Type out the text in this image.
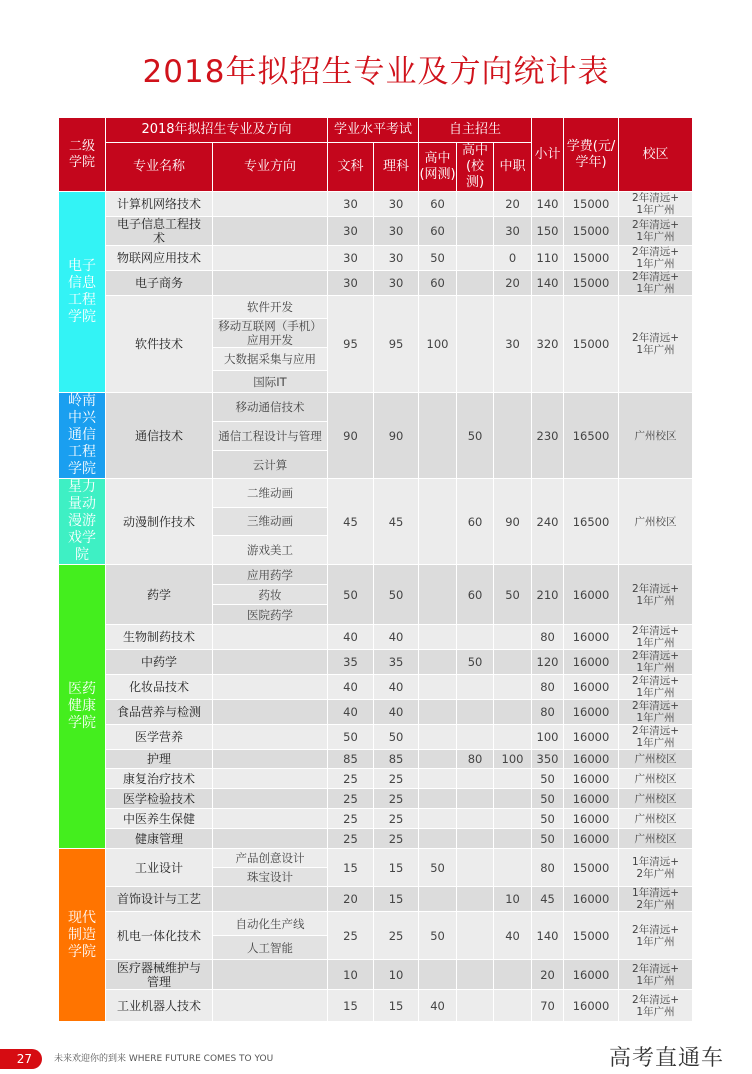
2018年拟招生专业及方向统计表
二级学院	2018年拟招生专业及方向		学业水平考试		自主招生			小计	学费(元/学年)	校区
	专业名称	专业方向	文科	理科	高中(网测)	高中(校测)	中职			
电子信息工程学院	计算机网络技术		30	30	60		20	140	15000	2年清远+1年广州
	电子信息工程技术		30	30	60		30	150	15000	2年清远+1年广州
	物联网应用技术		30	30	50		0	110	15000	2年清远+1年广州
	电子商务		30	30	60		20	140	15000	2年清远+1年广州
	软件技术	软件开发	95	95	100		30	320	15000	2年清远+1年广州
		移动互联网（手机）应用开发								
		大数据采集与应用								
		国际IT								
岭南中兴通信工程学院	通信技术	移动通信技术	90	90		50		230	16500	广州校区
		通信工程设计与管理								
		云计算								
星力量动漫游戏学院	动漫制作技术	二维动画	45	45		60	90	240	16500	广州校区
		三维动画								
		游戏美工								
医药健康学院	药学	应用药学	50	50		60	50	210	16000	2年清远+1年广州
		药妆								
		医院药学								
	生物制药技术		40	40				80	16000	2年清远+1年广州
	中药学		35	35		50		120	16000	2年清远+1年广州
	化妆品技术		40	40				80	16000	2年清远+1年广州
	食品营养与检测		40	40				80	16000	2年清远+1年广州
	医学营养		50	50				100	16000	2年清远+1年广州
	护理		85	85		80	100	350	16000	广州校区
	康复治疗技术		25	25				50	16000	广州校区
	医学检验技术		25	25				50	16000	广州校区
	中医养生保健		25	25				50	16000	广州校区
	健康管理		25	25				50	16000	广州校区
现代制造学院	工业设计	产品创意设计	15	15	50			80	15000	1年清远+2年广州
		珠宝设计								
	首饰设计与工艺		20	15			10	45	16000	1年清远+2年广州
	机电一体化技术	自动化生产线	25	25	50		40	140	15000	2年清远+1年广州
		人工智能								
	医疗器械维护与管理		10	10				20	16000	2年清远+1年广州
	工业机器人技术		15	15	40			70	16000	2年清远+1年广州
27	未来欢迎你的到来 WHERE FUTURE COMES TO YOU	高考直通车
